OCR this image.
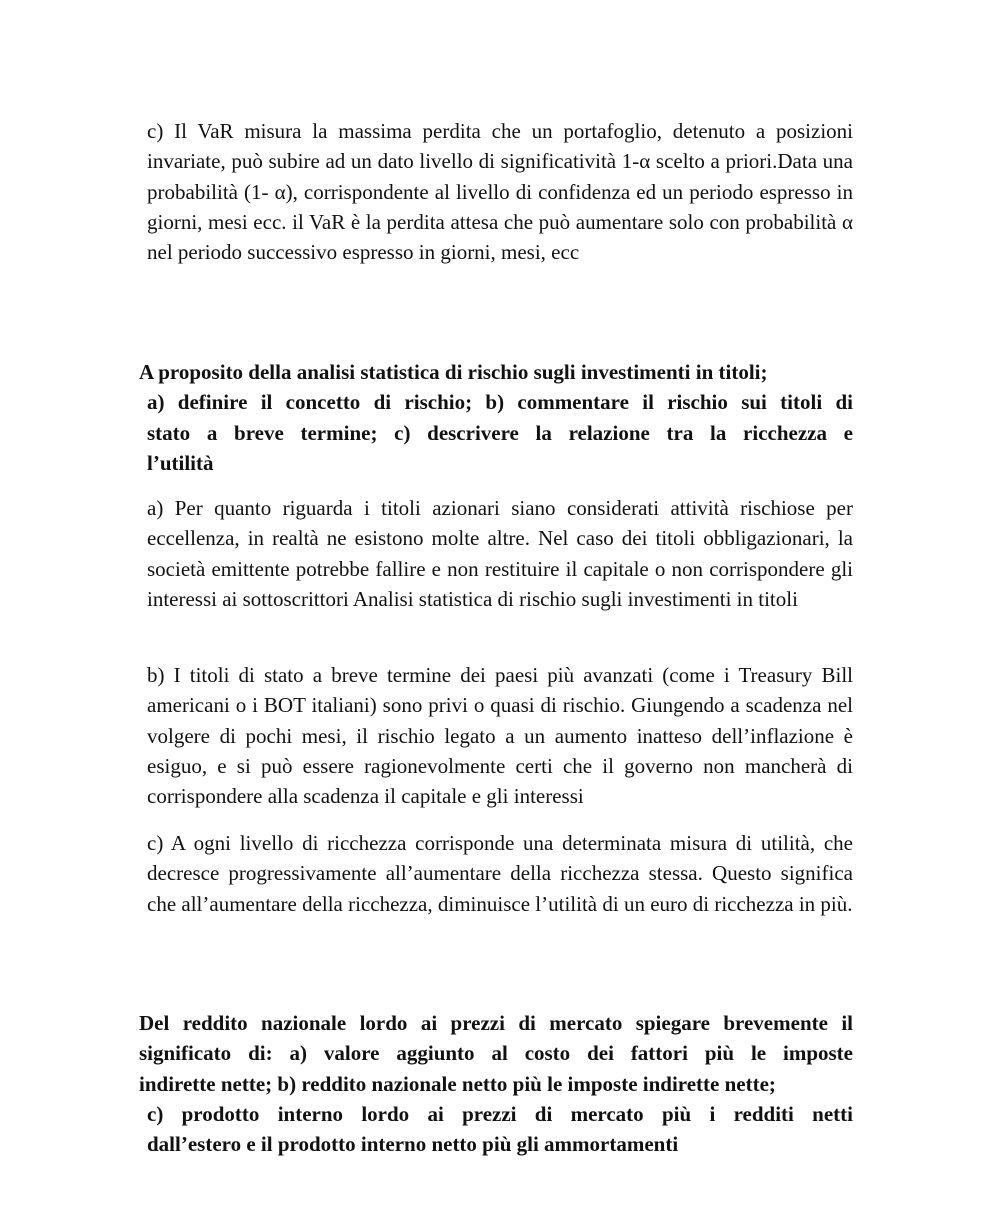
c) Il VaR misura la massima perdita che un portafoglio, detenuto a posizioni invariate, può subire ad un dato livello di significatività 1-α scelto a priori.Data una probabilità (1- α), corrispondente al livello di confidenza ed un periodo espresso in giorni, mesi ecc. il VaR è la perdita attesa che può aumentare solo con probabilità α nel periodo successivo espresso in giorni, mesi, ecc

A proposito della analisi statistica di rischio sugli investimenti in titoli;
a) definire il concetto di rischio; b) commentare il rischio sui titoli di
stato a breve termine; c) descrivere la relazione tra la ricchezza e
l’utilità

a) Per quanto riguarda i titoli azionari siano considerati attività rischiose per eccellenza, in realtà ne esistono molte altre. Nel caso dei titoli obbligazionari, la società emittente potrebbe fallire e non restituire il capitale o non corrispondere gli interessi ai sottoscrittori Analisi statistica di rischio sugli investimenti in titoli

b) I titoli di stato a breve termine dei paesi più avanzati (come i Treasury Bill americani o i BOT italiani) sono privi o quasi di rischio. Giungendo a scadenza nel volgere di pochi mesi, il rischio legato a un aumento inatteso dell’inflazione è esiguo, e si può essere ragionevolmente certi che il governo non mancherà di corrispondere alla scadenza il capitale e gli interessi

c) A ogni livello di ricchezza corrisponde una determinata misura di utilità, che decresce progressivamente all’aumentare della ricchezza stessa. Questo significa che all’aumentare della ricchezza, diminuisce l’utilità di un euro di ricchezza in più.

Del reddito nazionale lordo ai prezzi di mercato spiegare brevemente il
significato di: a) valore aggiunto al costo dei fattori più le imposte
indirette nette; b) reddito nazionale netto più le imposte indirette nette;
c) prodotto interno lordo ai prezzi di mercato più i redditi netti
dall’estero e il prodotto interno netto più gli ammortamenti
